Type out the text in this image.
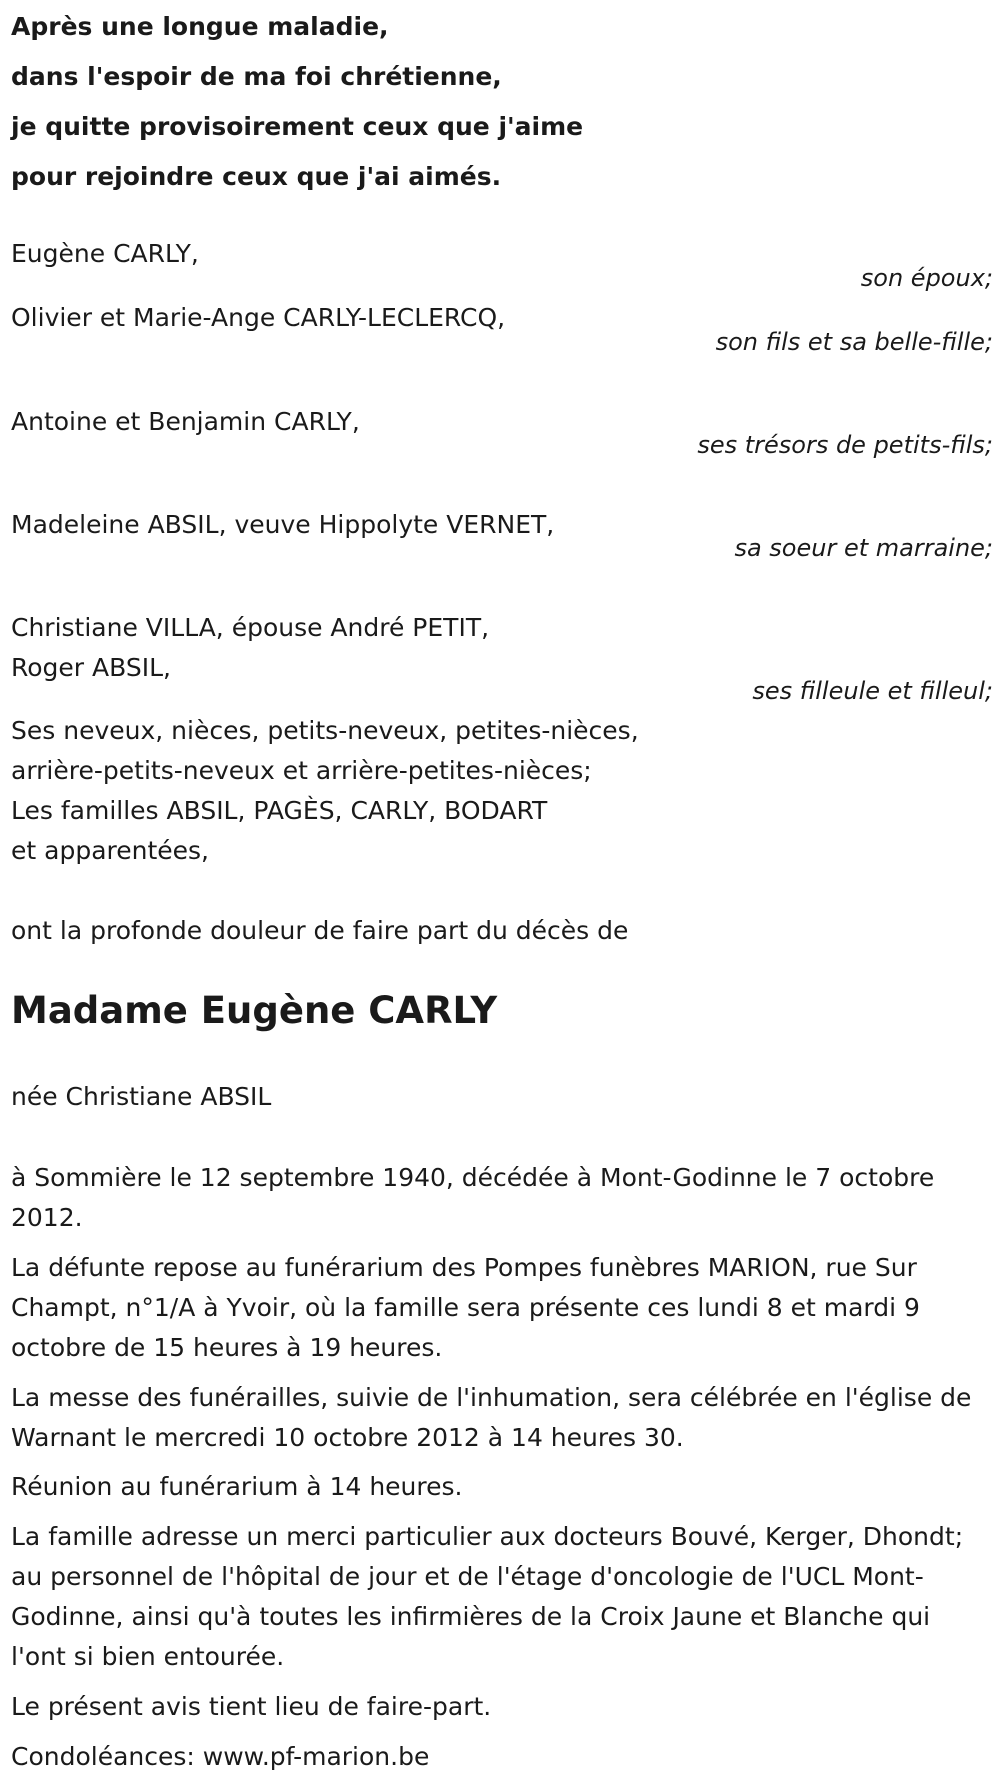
Après une longue maladie,
dans l'espoir de ma foi chrétienne,
je quitte provisoirement ceux que j'aime
pour rejoindre ceux que j'ai aimés.
Eugène CARLY,
son époux;
Olivier et Marie-Ange CARLY-LECLERCQ,
son fils et sa belle-fille;
Antoine et Benjamin CARLY,
ses trésors de petits-fils;
Madeleine ABSIL, veuve Hippolyte VERNET,
sa soeur et marraine;
Christiane VILLA, épouse André PETIT,
Roger ABSIL,
ses filleule et filleul;
Ses neveux, nièces, petits-neveux, petites-nièces,
arrière-petits-neveux et arrière-petites-nièces;
Les familles ABSIL, PAGÈS, CARLY, BODART
et apparentées,
ont la profonde douleur de faire part du décès de
Madame Eugène CARLY
née Christiane ABSIL

à Sommière le 12 septembre 1940, décédée à Mont-Godinne le 7 octobre 2012.

La défunte repose au funérarium des Pompes funèbres MARION, rue Sur Champt, n°1/A à Yvoir, où la famille sera présente ces lundi 8 et mardi 9 octobre de 15 heures à 19 heures.

La messe des funérailles, suivie de l'inhumation, sera célébrée en l'église de Warnant le mercredi 10 octobre 2012 à 14 heures 30.

Réunion au funérarium à 14 heures.

La famille adresse un merci particulier aux docteurs Bouvé, Kerger, Dhondt; au personnel de l'hôpital de jour et de l'étage d'oncologie de l'UCL Mont-Godinne, ainsi qu'à toutes les infirmières de la Croix Jaune et Blanche qui l'ont si bien entourée.

Le présent avis tient lieu de faire-part.

Condoléances: www.pf-marion.be
